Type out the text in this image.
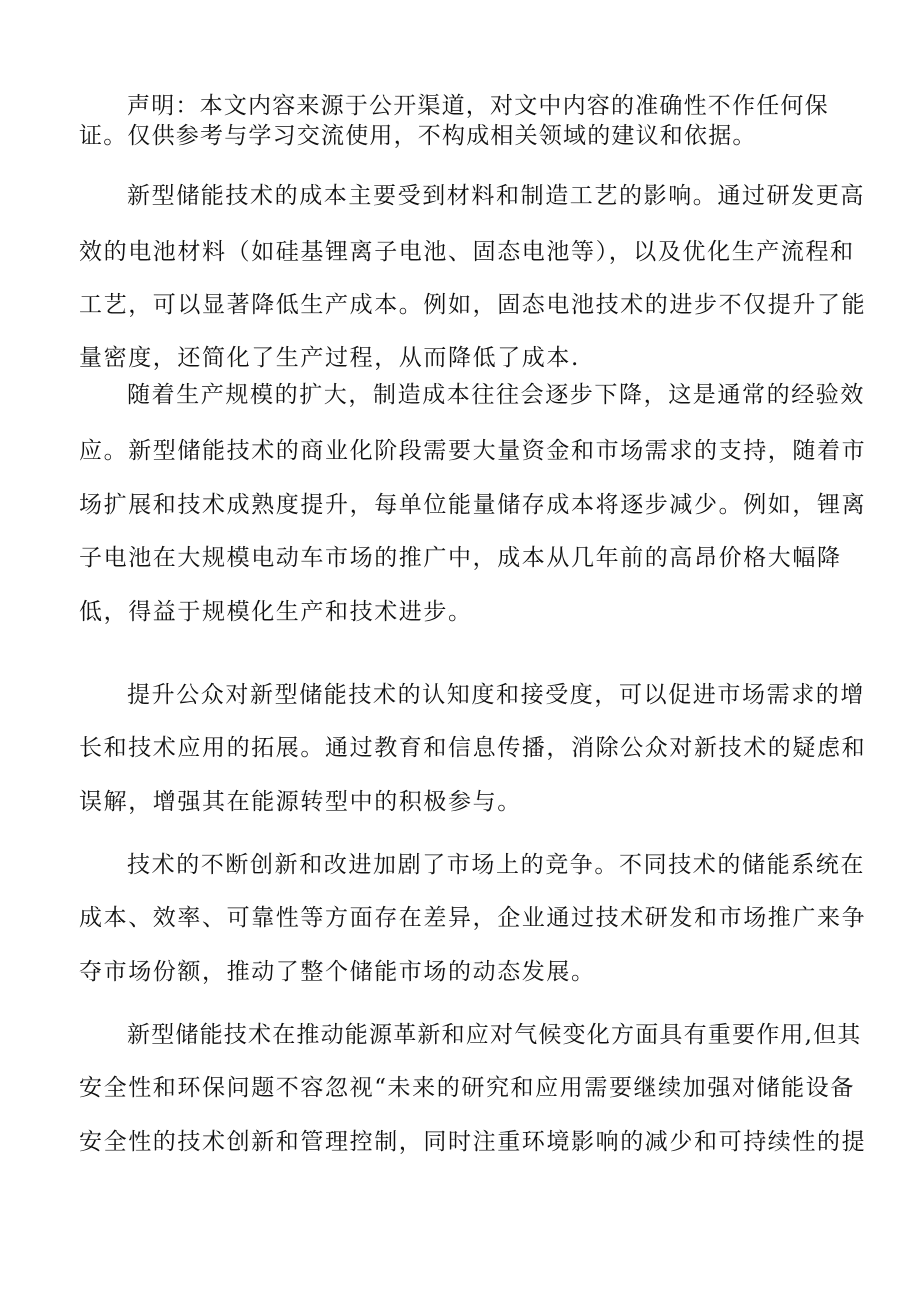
声明：本文内容来源于公开渠道，对文中内容的准确性不作任何保
证。仅供参考与学习交流使用，不构成相关领域的建议和依据。
新型储能技术的成本主要受到材料和制造工艺的影响。通过研发更高
效的电池材料（如硅基锂离子电池、固态电池等），以及优化生产流程和
工艺，可以显著降低生产成本。例如，固态电池技术的进步不仅提升了能
量密度，还简化了生产过程，从而降低了成本.
随着生产规模的扩大，制造成本往往会逐步下降，这是通常的经验效
应。新型储能技术的商业化阶段需要大量资金和市场需求的支持，随着市
场扩展和技术成熟度提升，每单位能量储存成本将逐步减少。例如，锂离
子电池在大规模电动车市场的推广中，成本从几年前的高昂价格大幅降
低，得益于规模化生产和技术进步。
提升公众对新型储能技术的认知度和接受度，可以促进市场需求的增
长和技术应用的拓展。通过教育和信息传播，消除公众对新技术的疑虑和
误解，增强其在能源转型中的积极参与。
技术的不断创新和改进加剧了市场上的竞争。不同技术的储能系统在
成本、效率、可靠性等方面存在差异，企业通过技术研发和市场推广来争
夺市场份额，推动了整个储能市场的动态发展。
新型储能技术在推动能源革新和应对气候变化方面具有重要作用,但其
安全性和环保问题不容忽视“未来的研究和应用需要继续加强对储能设备
安全性的技术创新和管理控制，同时注重环境影响的减少和可持续性的提
